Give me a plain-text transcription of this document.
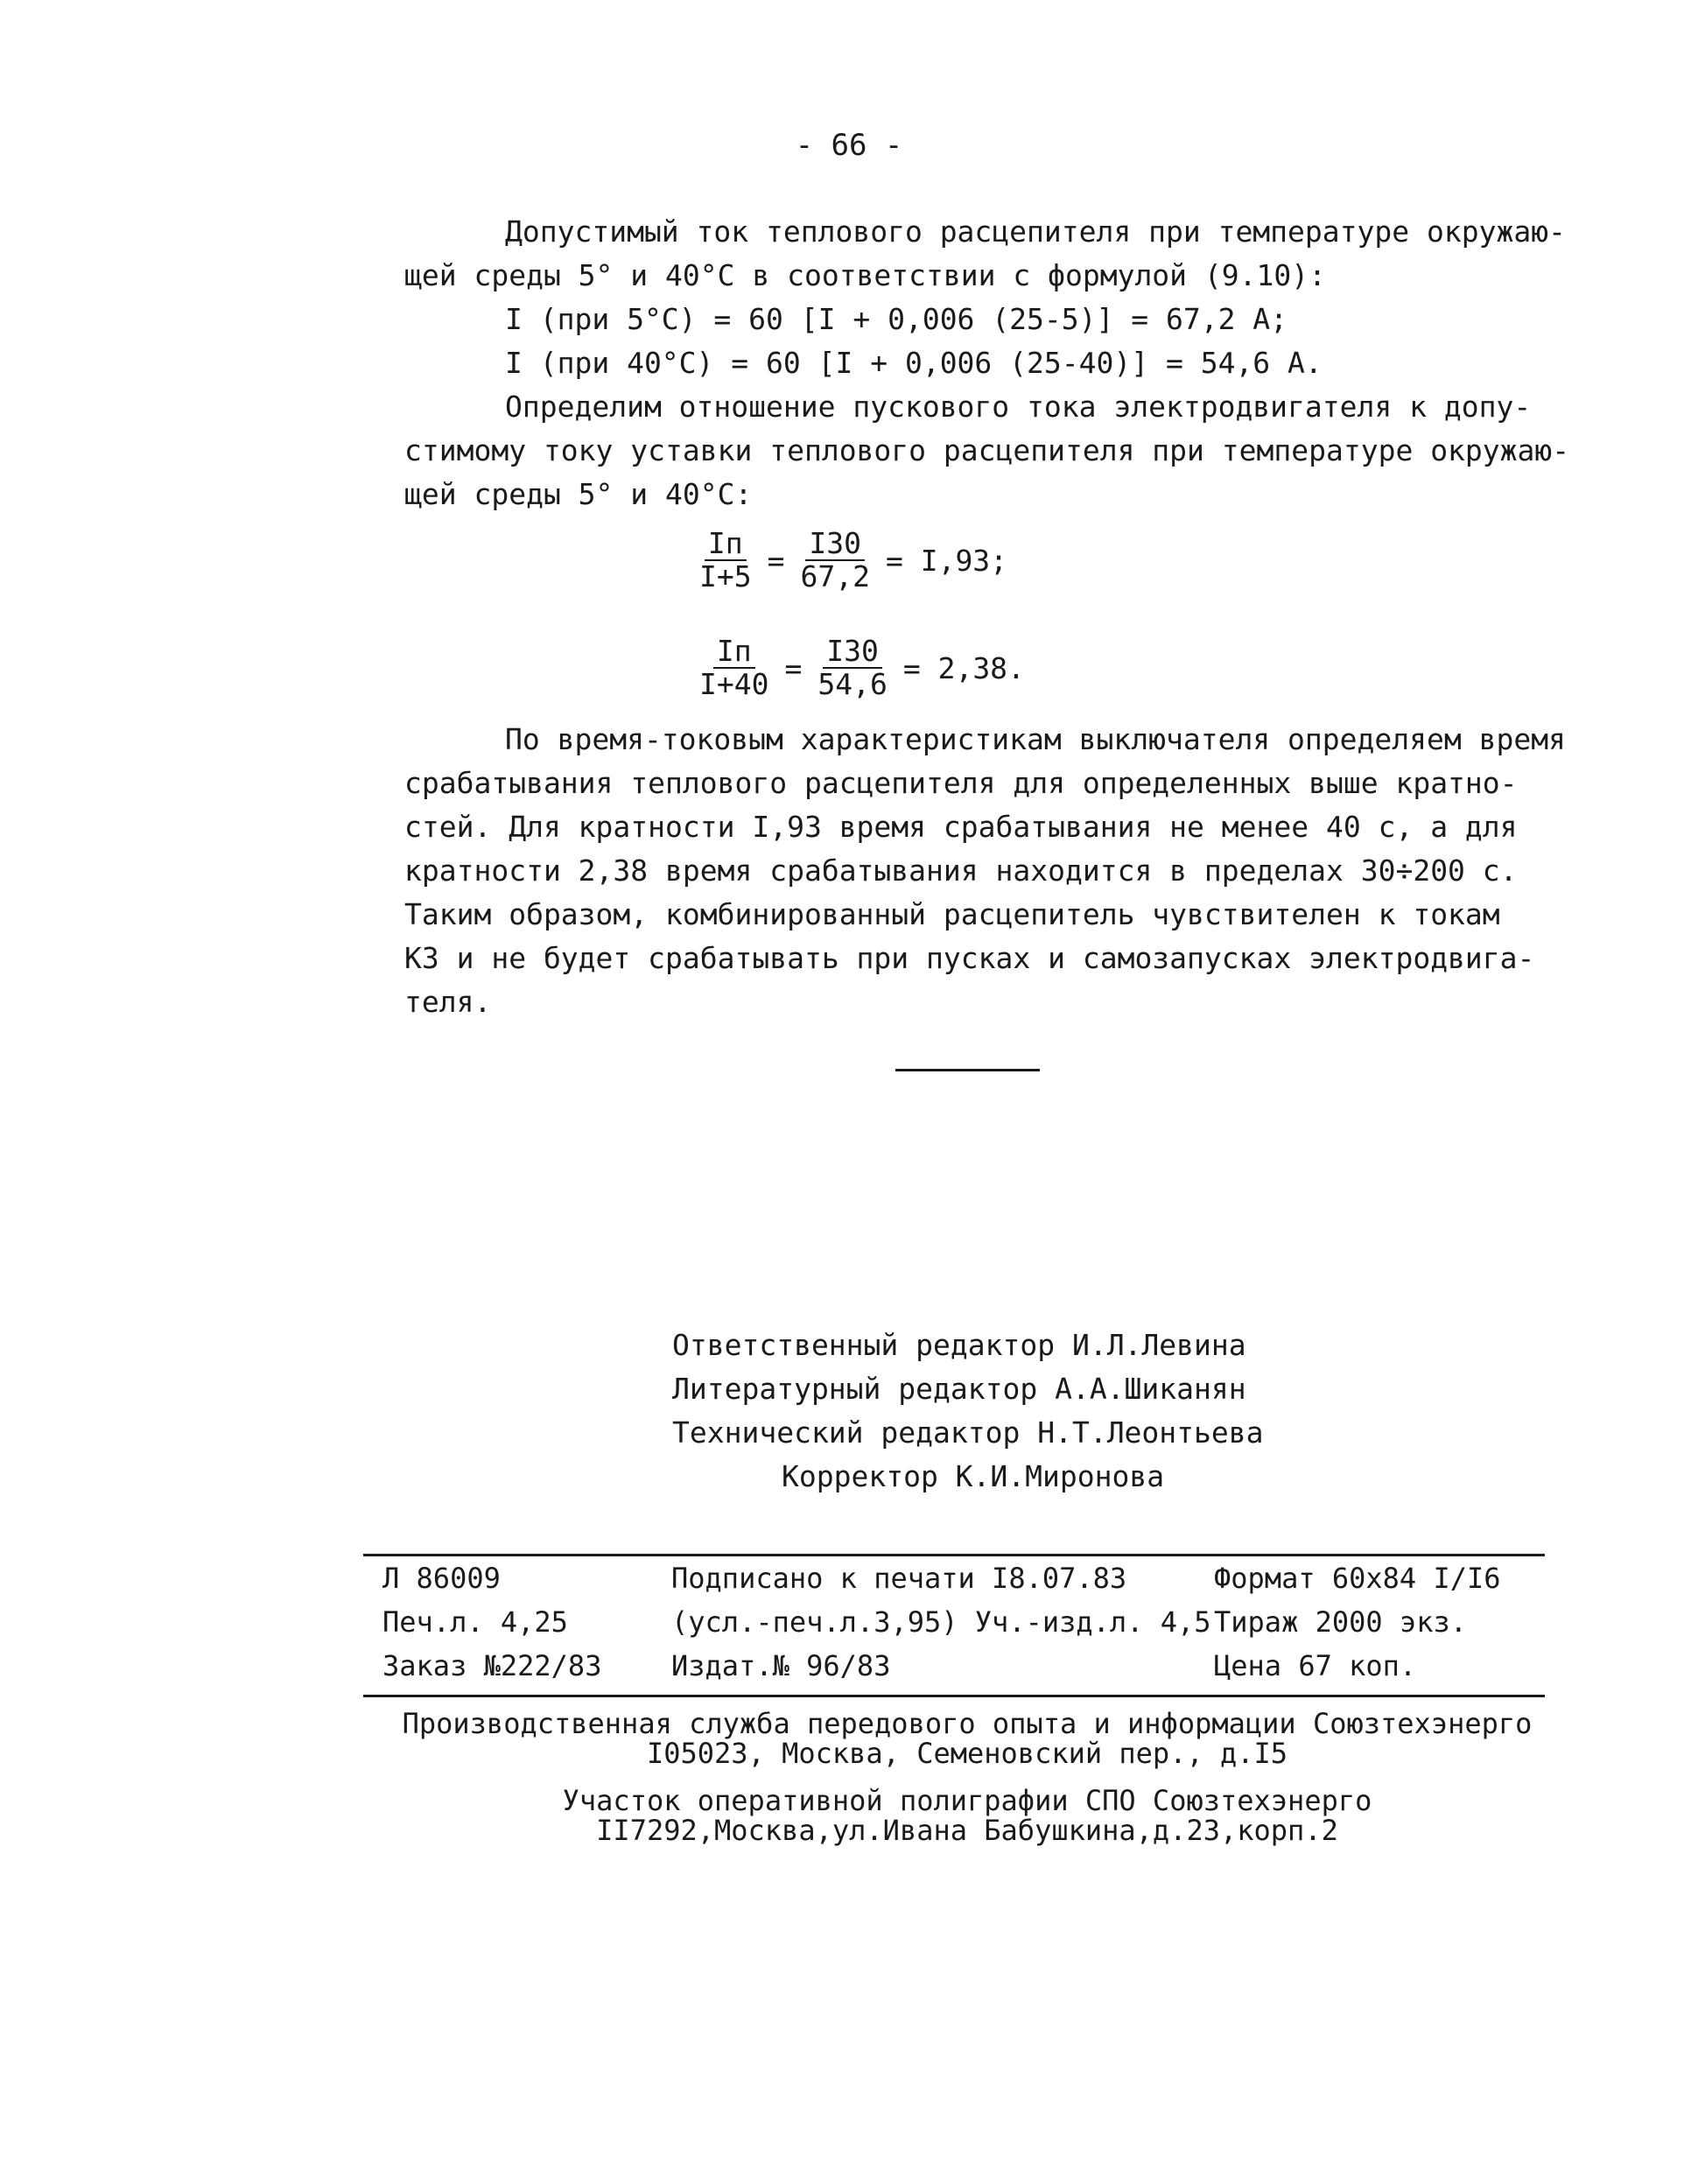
- 66 -
Допустимый ток теплового расцепителя при температуре окружаю-
щей среды 5° и 40°С в соответствии с формулой (9.10):
I (при 5°С) = 60 [I + 0,006 (25-5)] = 67,2 А;
I (при 40°С) = 60 [I + 0,006 (25-40)] = 54,6 А.
Определим отношение пускового тока электродвигателя к допу-
стимому току уставки теплового расцепителя при температуре окружаю-
щей среды 5° и 40°С:
$\frac{Iп}{I+5} = \frac{I30}{67,2} = I,93$;
$\frac{Iп}{I+40} = \frac{I30}{54,6} = 2,38$.
По время-токовым характеристикам выключателя определяем время
срабатывания теплового расцепителя для определенных выше кратно-
стей. Для кратности I,93 время срабатывания не менее 40 с, а для
кратности 2,38 время срабатывания находится в пределах 30÷200 с.
Таким образом, комбинированный расцепитель чувствителен к токам
КЗ и не будет срабатывать при пусках и самозапусках электродвига-
теля.
Ответственный редактор И.Л.Левина
Литературный редактор А.А.Шиканян
Технический редактор Н.Т.Леонтьева
Корректор К.И.Миронова
Л 86009	Подписано к печати I8.07.83	Формат 60х84 I/I6
Печ.л. 4,25	(усл.-печ.л.3,95) Уч.-изд.л. 4,5 Тираж 2000 экз.
Заказ №222/83	Издат.№ 96/83	Цена 67 коп.
Производственная служба передового опыта и информации Союзтехэнерго
I05023, Москва, Семеновский пер., д.I5
Участок оперативной полиграфии СПО Союзтехэнерго
II7292,Москва,ул.Ивана Бабушкина,д.23,корп.2
